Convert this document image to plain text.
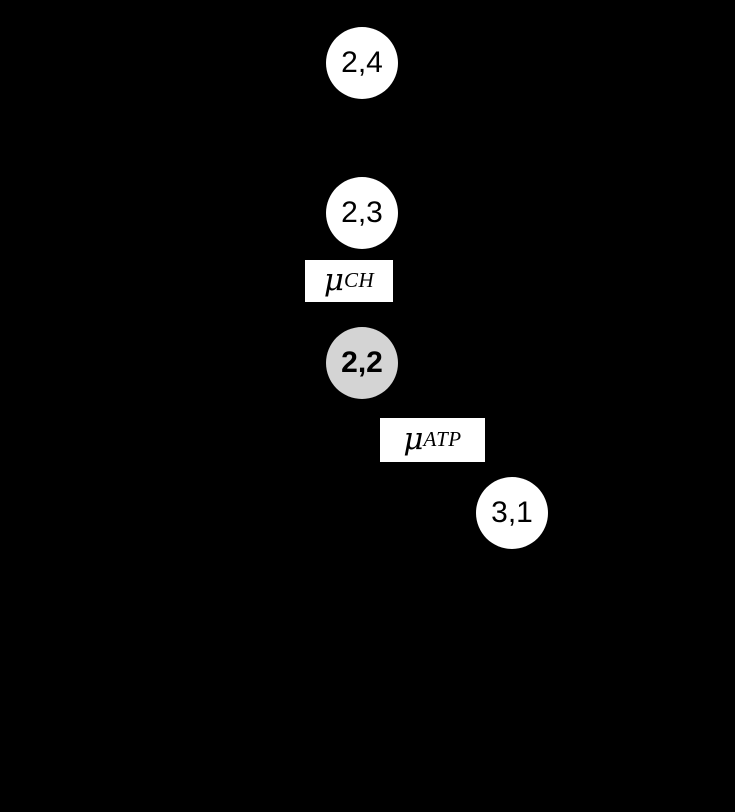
2,4
2,3
2,2
3,1
μ CH
μ ATP
